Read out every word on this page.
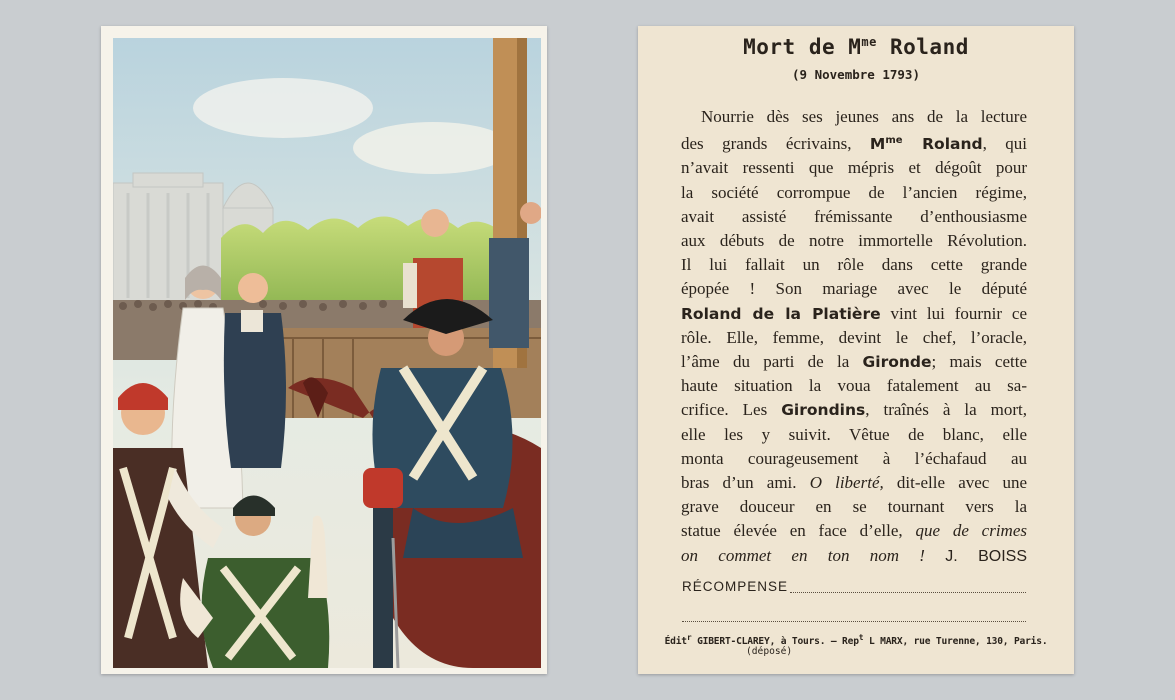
Mort de $M^{me}$ Roland
(9 Novembre 1793)
Nourrie dès ses jeunes ans de la lecture
des grands écrivains, $M^{me}$ Roland, qui
n’avait ressenti que mépris et dégoût pour
la société corrompue de l’ancien régime,
avait assisté frémissante d’enthousiasme
aux débuts de notre immortelle Révolution.
Il lui fallait un rôle dans cette grande
épopée ! Son mariage avec le député
Roland de la Platière vint lui fournir ce
rôle. Elle, femme, devint le chef, l’oracle,
l’âme du parti de la Gironde; mais cette
haute situation la voua fatalement au sa-
crifice. Les Girondins, traînés à la mort,
elle les y suivit. Vêtue de blanc, elle
monta courageusement à l’échafaud au
bras d’un ami. O liberté, dit-elle avec une
grave douceur en se tournant vers la
statue élevée en face d’elle, que de crimes
on commet en ton nom ! J. BOISS
RÉCOMPENSE
Édit$^r$ GIBERT-CLAREY, à Tours. — Rep$^t$ L MARX, rue Turenne, 130, Paris.
(déposé)
